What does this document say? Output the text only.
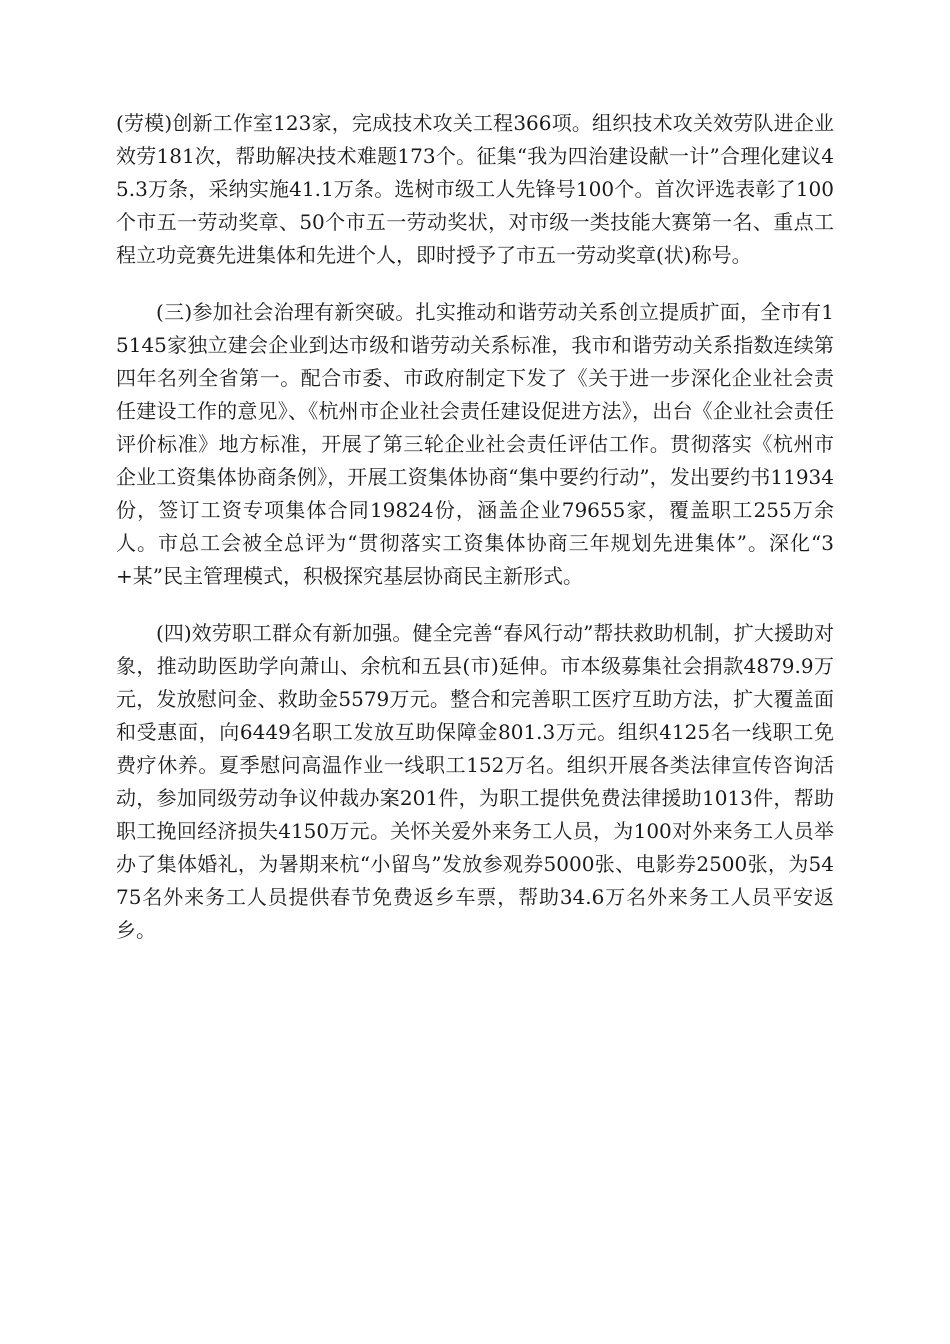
(劳模)创新工作室123家，完成技术攻关工程366项。组织技术攻关效劳队进企业效劳181次，帮助解决技术难题173个。征集“我为四治建设献一计”合理化建议45.3万条，采纳实施41.1万条。选树市级工人先锋号100个。首次评选表彰了100个市五一劳动奖章、50个市五一劳动奖状，对市级一类技能大赛第一名、重点工程立功竞赛先进集体和先进个人，即时授予了市五一劳动奖章(状)称号。

(三)参加社会治理有新突破。扎实推动和谐劳动关系创立提质扩面，全市有15145家独立建会企业到达市级和谐劳动关系标准，我市和谐劳动关系指数连续第四年名列全省第一。配合市委、市政府制定下发了《关于进一步深化企业社会责任建设工作的意见》、《杭州市企业社会责任建设促进方法》，出台《企业社会责任评价标准》地方标准，开展了第三轮企业社会责任评估工作。贯彻落实《杭州市企业工资集体协商条例》，开展工资集体协商“集中要约行动”，发出要约书11934份，签订工资专项集体合同19824份，涵盖企业79655家，覆盖职工255万余人。市总工会被全总评为“贯彻落实工资集体协商三年规划先进集体”。深化“3+某”民主管理模式，积极探究基层协商民主新形式。

(四)效劳职工群众有新加强。健全完善“春风行动”帮扶救助机制，扩大援助对象，推动助医助学向萧山、余杭和五县(市)延伸。市本级募集社会捐款4879.9万元，发放慰问金、救助金5579万元。整合和完善职工医疗互助方法，扩大覆盖面和受惠面，向6449名职工发放互助保障金801.3万元。组织4125名一线职工免费疗休养。夏季慰问高温作业一线职工152万名。组织开展各类法律宣传咨询活动，参加同级劳动争议仲裁办案201件，为职工提供免费法律援助1013件，帮助职工挽回经济损失4150万元。关怀关爱外来务工人员，为100对外来务工人员举办了集体婚礼，为暑期来杭“小留鸟”发放参观券5000张、电影券2500张，为5475名外来务工人员提供春节免费返乡车票，帮助34.6万名外来务工人员平安返乡。
